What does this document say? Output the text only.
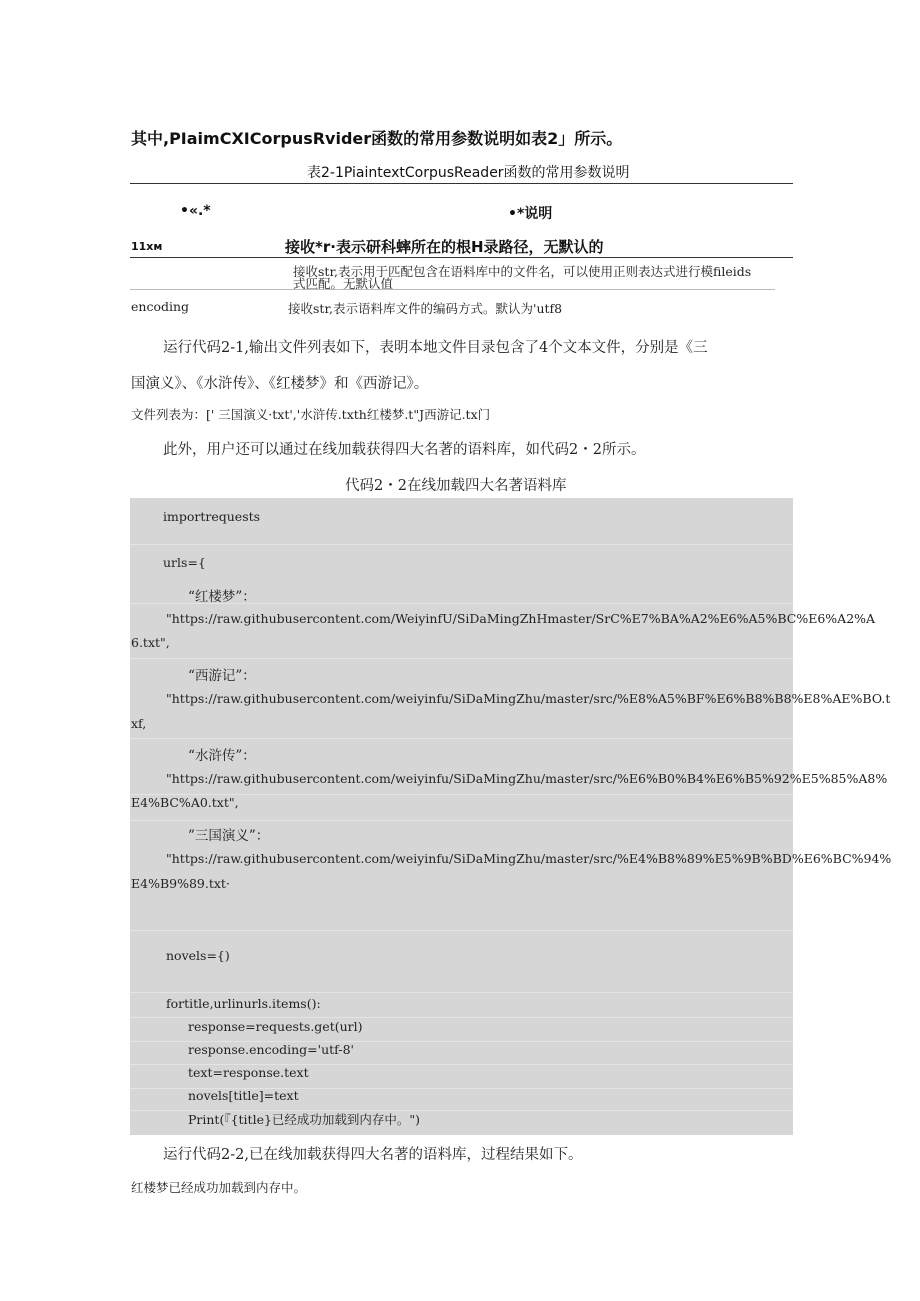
其中,PIaimCXICorpusRvider函数的常用参数说明如表2」所示。
表2-1PiaintextCorpusReader函数的常用参数说明
•«.*	•*说明
11xм	接收*r·表示研科蟀所在的根H录路径，无默认的
接收str,表示用于匹配包含在语料库中的文件名，可以使用正则表达式进行模fileids
式匹配。无默认值
encoding	接收str,表示语料库文件的编码方式。默认为'utf8
运行代码2-1,输出文件列表如下，表明本地文件目录包含了4个文本文件，分别是《三
国演义》、《水浒传》、《红楼梦》和《西游记》。
文件列表为：[' 三国演义·txt','水浒传.txth红楼梦.t"J西游记.tx门
此外，用户还可以通过在线加载获得四大名著的语料库，如代码2・2所示。
代码2・2在线加载四大名著语料库
importrequests
urls={
“红楼梦”：
"https://raw.githubusercontent.com/WeiyinfU/SiDaMingZhHmaster/SrC%E7%BA%A2%E6%A5%BC%E6%A2%A
6.txt",
“西游记”：
"https://raw.githubusercontent.com/weiyinfu/SiDaMingZhu/master/src/%E8%A5%BF%E6%B8%B8%E8%AE%BO.t
xf,
“水浒传”：
"https://raw.githubusercontent.com/weiyinfu/SiDaMingZhu/master/src/%E6%B0%B4%E6%B5%92%E5%85%A8%
E4%BC%A0.txt",
”三国演义”：
"https://raw.githubusercontent.com/weiyinfu/SiDaMingZhu/master/src/%E4%B8%89%E5%9B%BD%E6%BC%94%
E4%B9%89.txt·
novels={)
fortitle,urlinurls.items():
response=requests.get(url)
response.encoding='utf-8'
text=response.text
novels[title]=text
Print(『{title}已经成功加载到内存中。")
运行代码2-2,已在线加载获得四大名著的语料库，过程结果如下。
红楼梦已经成功加载到内存中。
